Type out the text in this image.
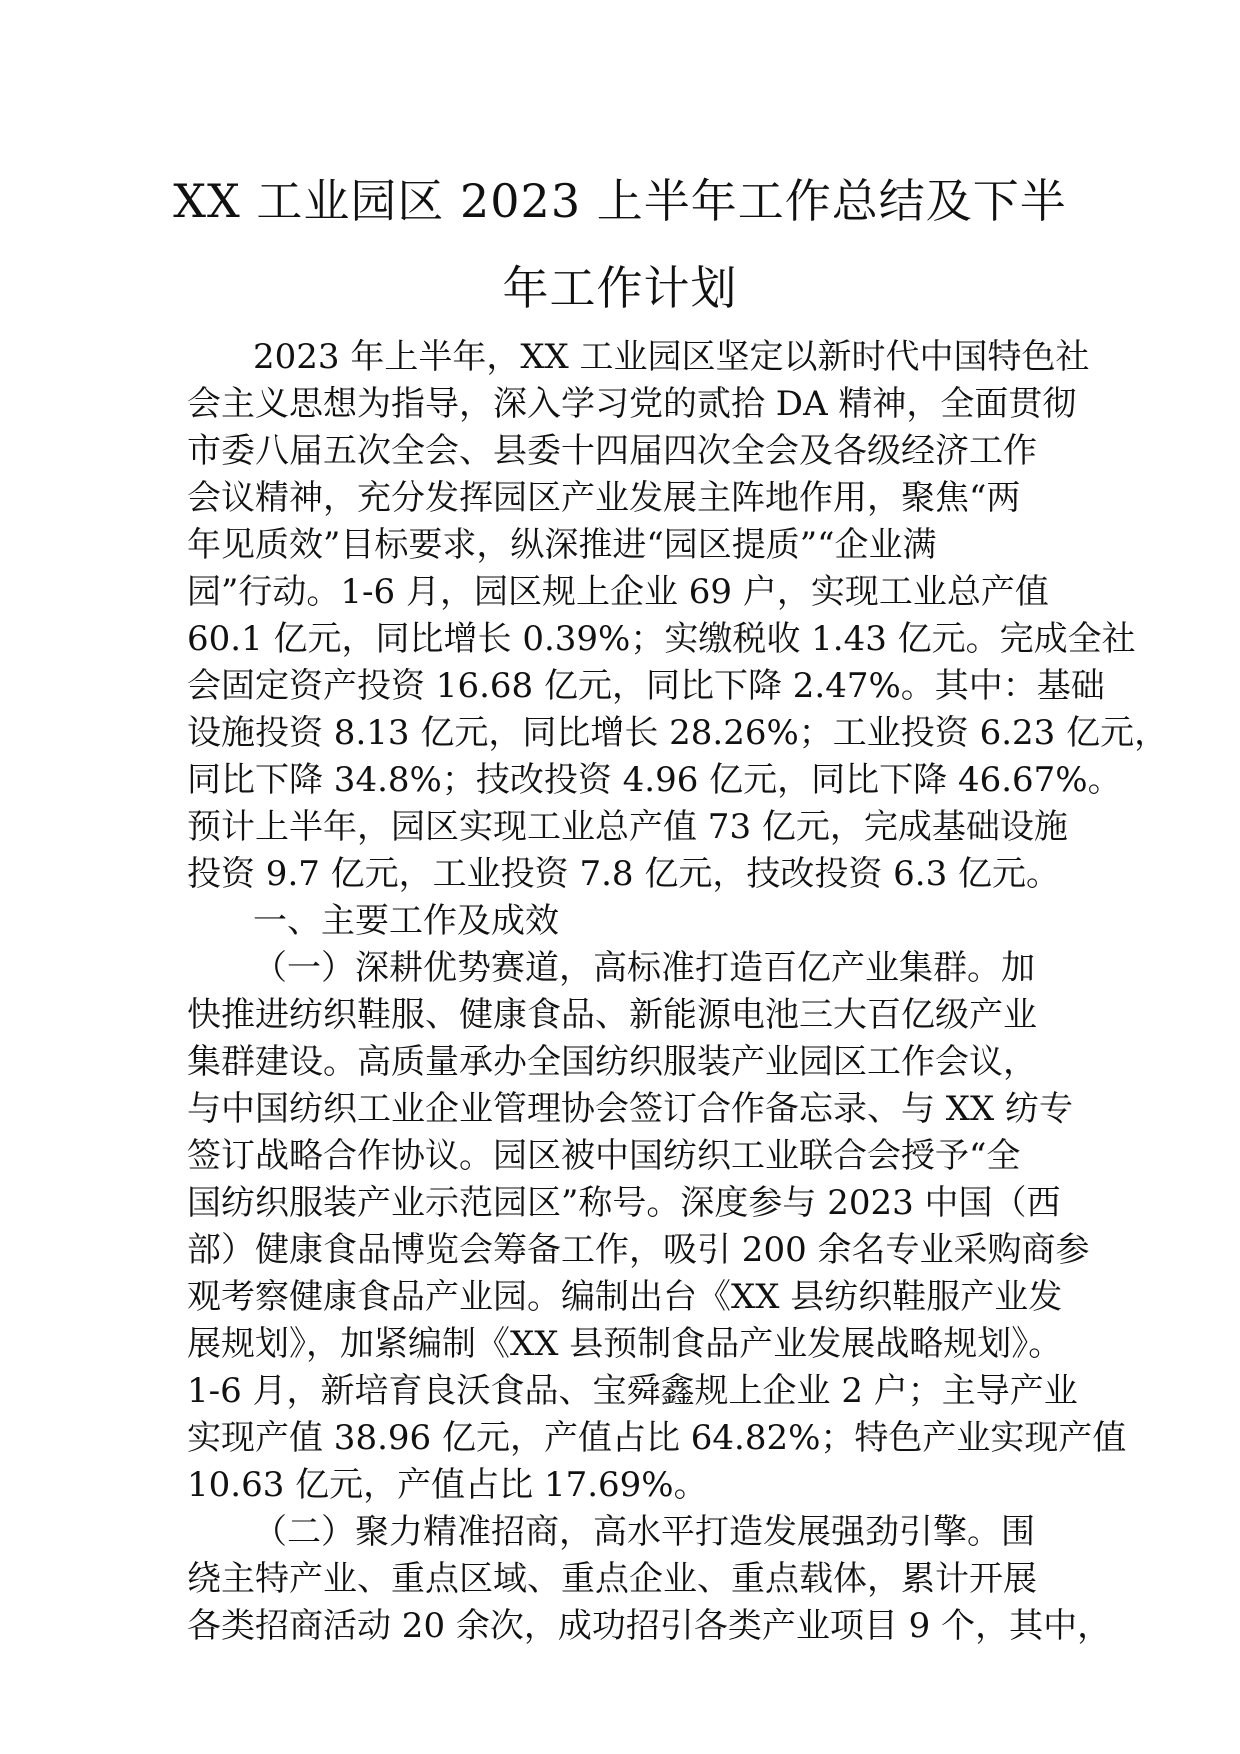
XX 工业园区 2023 上半年工作总结及下半
年工作计划
2023 年上半年，XX 工业园区坚定以新时代中国特色社
会主义思想为指导，深入学习党的贰拾 DA 精神，全面贯彻
市委八届五次全会、县委十四届四次全会及各级经济工作
会议精神，充分发挥园区产业发展主阵地作用，聚焦“两
年见质效”目标要求，纵深推进“园区提质”“企业满
园”行动。1-6 月，园区规上企业 69 户，实现工业总产值
60.1 亿元，同比增长 0.39%；实缴税收 1.43 亿元。完成全社
会固定资产投资 16.68 亿元，同比下降 2.47%。其中：基础
设施投资 8.13 亿元，同比增长 28.26%；工业投资 6.23 亿元，
同比下降 34.8%；技改投资 4.96 亿元，同比下降 46.67%。
预计上半年，园区实现工业总产值 73 亿元，完成基础设施
投资 9.7 亿元，工业投资 7.8 亿元，技改投资 6.3 亿元。
一、主要工作及成效
（一）深耕优势赛道，高标准打造百亿产业集群。加
快推进纺织鞋服、健康食品、新能源电池三大百亿级产业
集群建设。高质量承办全国纺织服装产业园区工作会议，
与中国纺织工业企业管理协会签订合作备忘录、与 XX 纺专
签订战略合作协议。园区被中国纺织工业联合会授予“全
国纺织服装产业示范园区”称号。深度参与 2023 中国（西
部）健康食品博览会筹备工作，吸引 200 余名专业采购商参
观考察健康食品产业园。编制出台《XX 县纺织鞋服产业发
展规划》，加紧编制《XX 县预制食品产业发展战略规划》。
1-6 月，新培育良沃食品、宝舜鑫规上企业 2 户；主导产业
实现产值 38.96 亿元，产值占比 64.82%；特色产业实现产值
10.63 亿元，产值占比 17.69%。
（二）聚力精准招商，高水平打造发展强劲引擎。围
绕主特产业、重点区域、重点企业、重点载体，累计开展
各类招商活动 20 余次，成功招引各类产业项目 9 个，其中，
